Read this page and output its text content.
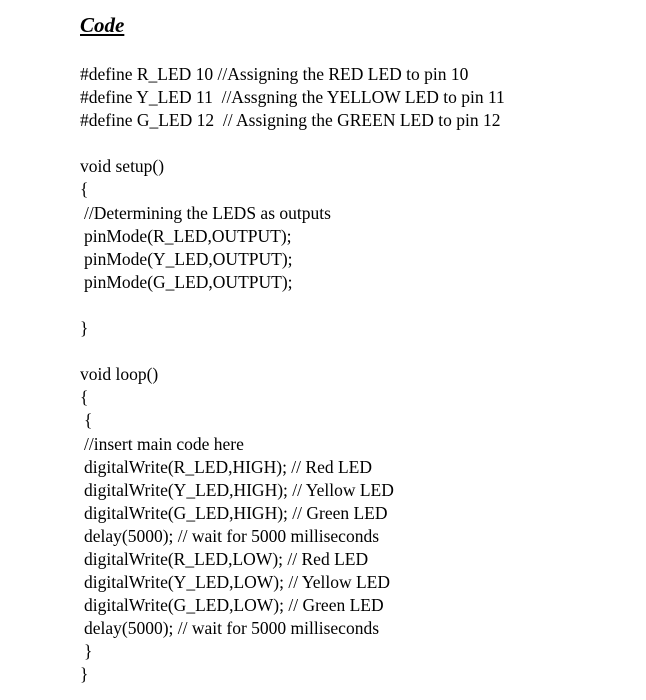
Code
#define R_LED 10 //Assigning the RED LED to pin 10
#define Y_LED 11  //Assgning the YELLOW LED to pin 11
#define G_LED 12  // Assigning the GREEN LED to pin 12
void setup()
{
//Determining the LEDS as outputs
pinMode(R_LED,OUTPUT);
pinMode(Y_LED,OUTPUT);
pinMode(G_LED,OUTPUT);
}
void loop()
{
{
//insert main code here
digitalWrite(R_LED,HIGH); // Red LED
digitalWrite(Y_LED,HIGH); // Yellow LED
digitalWrite(G_LED,HIGH); // Green LED
delay(5000); // wait for 5000 milliseconds
digitalWrite(R_LED,LOW); // Red LED
digitalWrite(Y_LED,LOW); // Yellow LED
digitalWrite(G_LED,LOW); // Green LED
delay(5000); // wait for 5000 milliseconds
}
}
